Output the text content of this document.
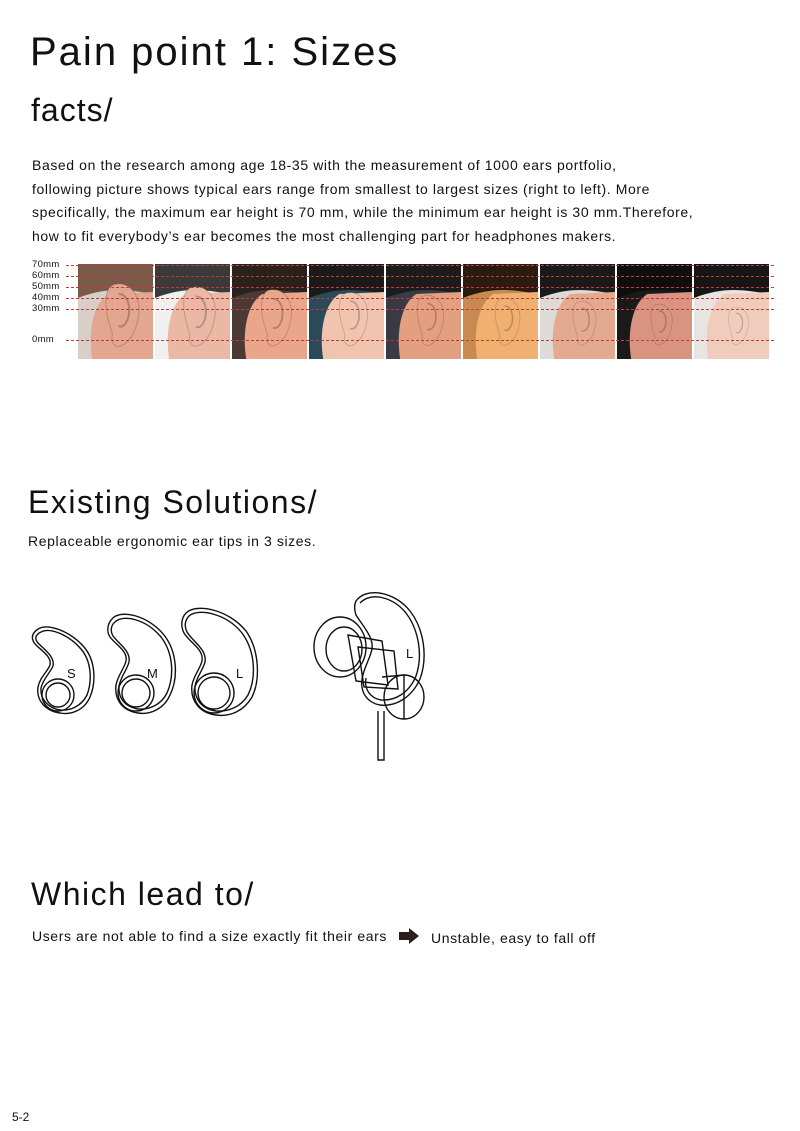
Pain point 1: Sizes
facts/
Based on the research among age 18-35 with the measurement of 1000 ears portfolio,
following picture shows typical ears range from smallest to largest sizes (right to left). More
specifically, the maximum ear height is 70 mm, while the minimum ear height is 30 mm.Therefore,
how to fit everybody’s ear becomes the most challenging part for headphones makers.
70mm
60mm
50mm
40mm
30mm
0mm
Existing Solutions/
Replaceable ergonomic ear tips in 3 sizes.
S	M	L
L
Which lead to/
Users are not able to find a size exactly fit their ears	Unstable, easy to fall off
5-2
